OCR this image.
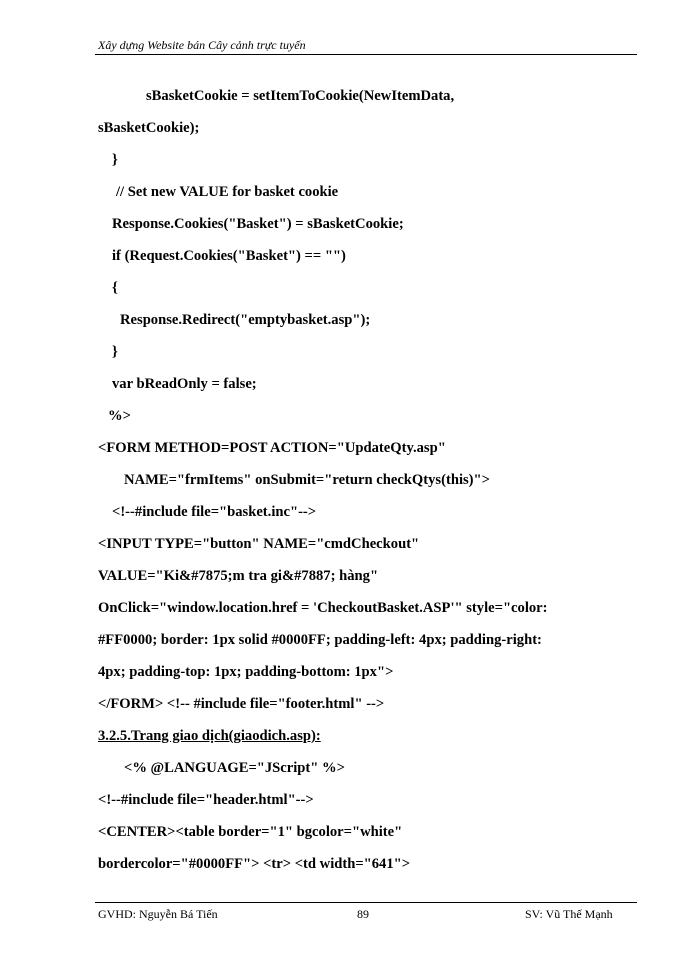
Xây dựng Website bán Cây cảnh trực tuyến
sBasketCookie = setItemToCookie(NewItemData,
sBasketCookie);
}
// Set new VALUE for basket cookie
Response.Cookies("Basket") = sBasketCookie;
if (Request.Cookies("Basket") == "")
{
Response.Redirect("emptybasket.asp");
}
var bReadOnly = false;
%>
<FORM METHOD=POST ACTION="UpdateQty.asp"
NAME="frmItems" onSubmit="return checkQtys(this)">
<!--#include file="basket.inc"-->
<INPUT TYPE="button" NAME="cmdCheckout"
VALUE="Ki&#7875;m tra gi&#7887; hàng"
OnClick="window.location.href = 'CheckoutBasket.ASP'" style="color:
#FF0000; border: 1px solid #0000FF; padding-left: 4px; padding-right:
4px; padding-top: 1px; padding-bottom: 1px">
</FORM> <!-- #include file="footer.html" -->
3.2.5.Trang giao dịch(giaodich.asp):
<% @LANGUAGE="JScript" %>
<!--#include file="header.html"-->
<CENTER><table border="1" bgcolor="white"
bordercolor="#0000FF"> <tr> <td width="641">
GVHD: Nguyễn Bá Tiến	89	SV: Vũ Thế Mạnh
